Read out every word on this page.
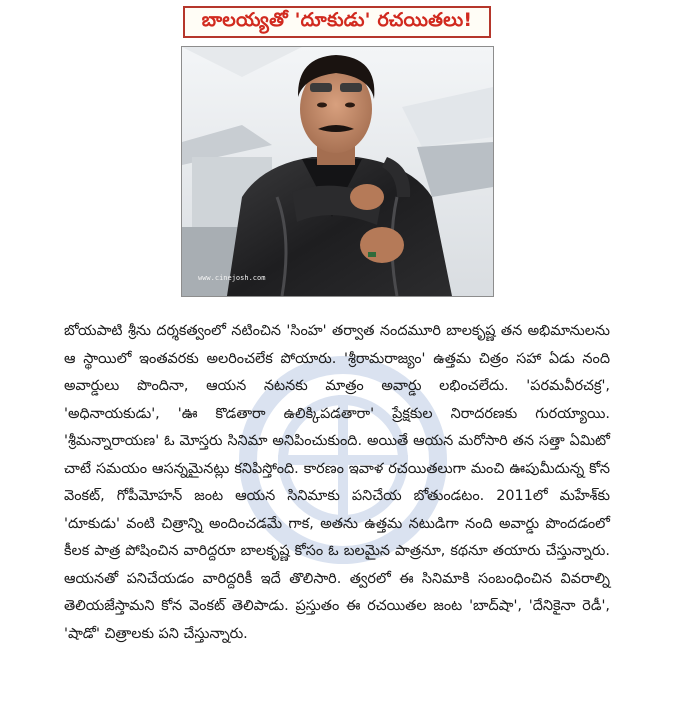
బాలయ్యతో 'దూకుడు' రచయితలు!
www.cinejosh.com
బోయపాటి శ్రీను దర్శకత్వంలో నటించిన 'సింహ' తర్వాత నందమూరి బాలకృష్ణ తన అభిమానులను ఆ స్థాయిలో ఇంతవరకు అలరించలేక పోయారు. 'శ్రీరామరాజ్యం' ఉత్తమ చిత్రం సహా ఏడు నంది అవార్డులు పొందినా, ఆయన నటనకు మాత్రం అవార్డు లభించలేదు. 'పరమవీరచక్ర', 'అధినాయకుడు', 'ఊ కొడతారా ఉలిక్కిపడతారా' ప్రేక్షకుల నిరాదరణకు గురయ్యాయి. 'శ్రీమన్నారాయణ' ఓ మోస్తరు సినిమా అనిపించుకుంది. అయితే ఆయన మరోసారి తన సత్తా ఏమిటో చాటే సమయం ఆసన్నమైనట్లు కనిపిస్తోంది. కారణం ఇవాళ రచయితలుగా మంచి ఊపుమీదున్న కోన వెంకట్, గోపీమోహన్ జంట ఆయన సినిమాకు పనిచేయ బోతుండటం. 2011లో మహేశ్‌కు 'దూకుడు' వంటి చిత్రాన్ని అందించడమే గాక, అతను ఉత్తమ నటుడిగా నంది అవార్డు పొందడంలో కీలక పాత్ర పోషించిన వారిద్దరూ బాలకృష్ణ కోసం ఓ బలమైన పాత్రనూ, కథనూ తయారు చేస్తున్నారు. ఆయనతో పనిచేయడం వారిద్దరికీ ఇదే తొలిసారి. త్వరలో ఈ సినిమాకి సంబంధించిన వివరాల్ని తెలియజేస్తామని కోన వెంకట్ తెలిపాడు. ప్రస్తుతం ఈ రచయితల జంట 'బాద్‌షా', 'దేనికైనా రెడీ', 'షాడో' చిత్రాలకు పని చేస్తున్నారు.
